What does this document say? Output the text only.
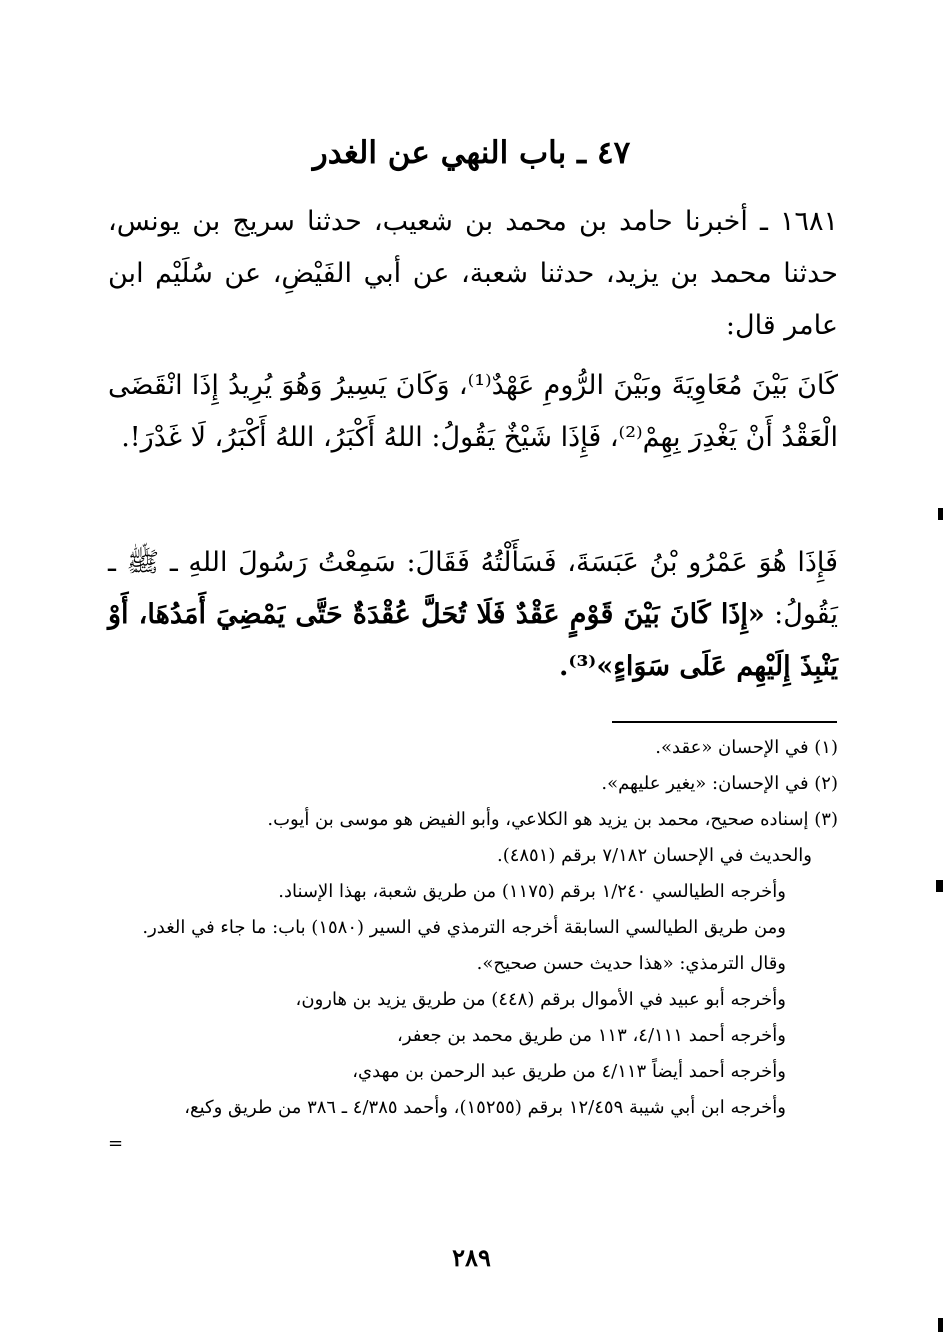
٤٧ ـ باب النهي عن الغدر
١٦٨١ ـ أخبرنا حامد بن محمد بن شعيب، حدثنا سريج بن يونس، حدثنا محمد بن يزيد، حدثنا شعبة، عن أبي الفَيْضِ، عن سُلَيْم ابن عامر قال:
كَانَ بَيْنَ مُعَاوِيَةَ وبَيْنَ الرُّومِ عَهْدٌ⁽¹⁾، وَكَانَ يَسِيرُ وَهُوَ يُرِيدُ إِذَا انْقَضَى الْعَقْدُ أَنْ يَغْدِرَ بِهِمْ⁽²⁾، فَإِذَا شَيْخٌ يَقُولُ: اللهُ أَكْبَرُ، اللهُ أَكْبَرُ، لَا غَدْرَ!.
فَإِذَا هُوَ عَمْرُو بْنُ عَبَسَةَ، فَسَأَلْتُهُ فَقَالَ: سَمِعْتُ رَسُولَ اللهِ ـ ﷺ ـ يَقُولُ: «إِذَا كَانَ بَيْنَ قَوْمٍ عَقْدٌ فَلَا تُحَلَّ عُقْدَةٌ حَتَّى يَمْضِيَ أَمَدُهَا، أَوْ يَنْبِذَ إِلَيْهِم عَلَى سَوَاءٍ»⁽³⁾.

(١) في الإحسان «عقد».

(٢) في الإحسان: «يغير عليهم».

(٣) إسناده صحيح، محمد بن يزيد هو الكلاعي، وأبو الفيض هو موسى بن أيوب.

والحديث في الإحسان ٧/١٨٢ برقم (٤٨٥١).

وأخرجه الطيالسي ١/٢٤٠ برقم (١١٧٥) من طريق شعبة، بهذا الإسناد.

ومن طريق الطيالسي السابقة أخرجه الترمذي في السير (١٥٨٠) باب: ما جاء في الغدر.

وقال الترمذي: «هذا حديث حسن صحيح».

وأخرجه أبو عبيد في الأموال برقم (٤٤٨) من طريق يزيد بن هارون،

وأخرجه أحمد ٤/١١١، ١١٣ من طريق محمد بن جعفر،

وأخرجه أحمد أيضاً ٤/١١٣ من طريق عبد الرحمن بن مهدي،

وأخرجه ابن أبي شيبة ١٢/٤٥٩ برقم (١٥٢٥٥)، وأحمد ٤/٣٨٥ ـ ٣٨٦ من طريق وكيع،

=

٢٨٩
